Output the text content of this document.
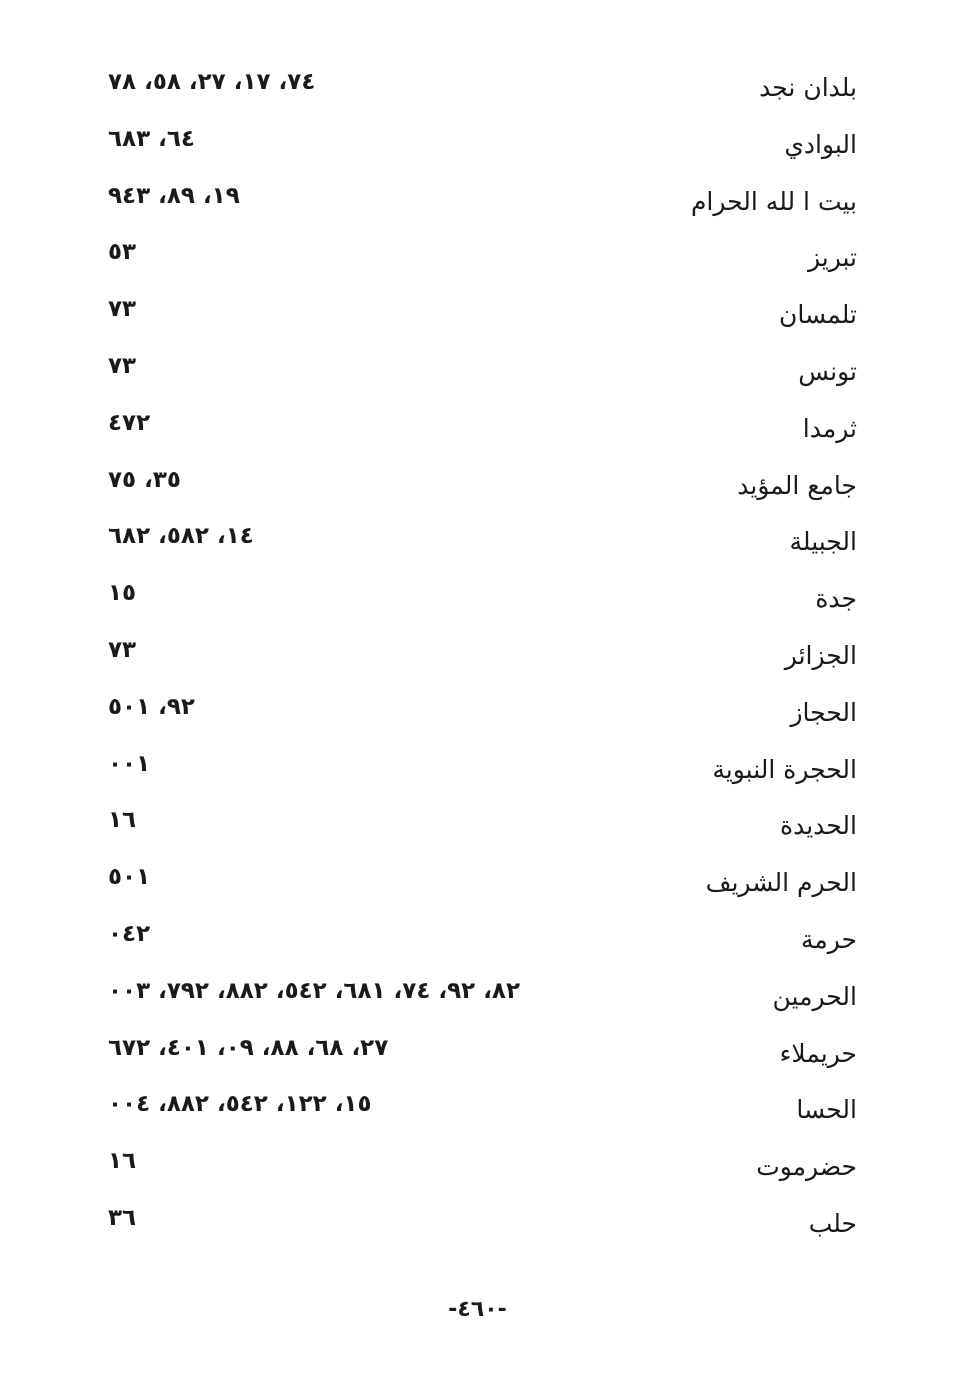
بلدان نجد
٤٧، ٧١، ٧٢، ٨٥، ٨٧
البوادي
٤٦، ٣٨٦
بيت ا لله الحرام
٩١، ٩٨، ٣٤٩
تبريز
٣٥
تلمسان
٣٧
تونس
٣٧
ثرمدا
٢٧٤
جامع المؤيد
٥٣، ٥٧
الجبيلة
٤١، ٢٨٥، ٢٨٦
جدة
٥١
الجزائر
٣٧
الحجاز
٢٩، ١٠٥
الحجرة النبوية
١٠٠
الحديدة
٦١
الحرم الشريف
١٠٥
حرمة
٢٤٠
الحرمين
٢٨، ٢٩، ٤٧، ١٨٦، ٢٤٥، ٢٨٨، ٢٩٧، ٣٠٠
حريملاء
٧٢، ٨٦، ٨٨، ٩٠، ١٠٤، ٢٧٦
الحسا
٥١، ٢٢١، ٢٤٥، ٢٨٨، ٤٠٠
حضرموت
٦١
حلب
٦٣
-٤٦٠-
